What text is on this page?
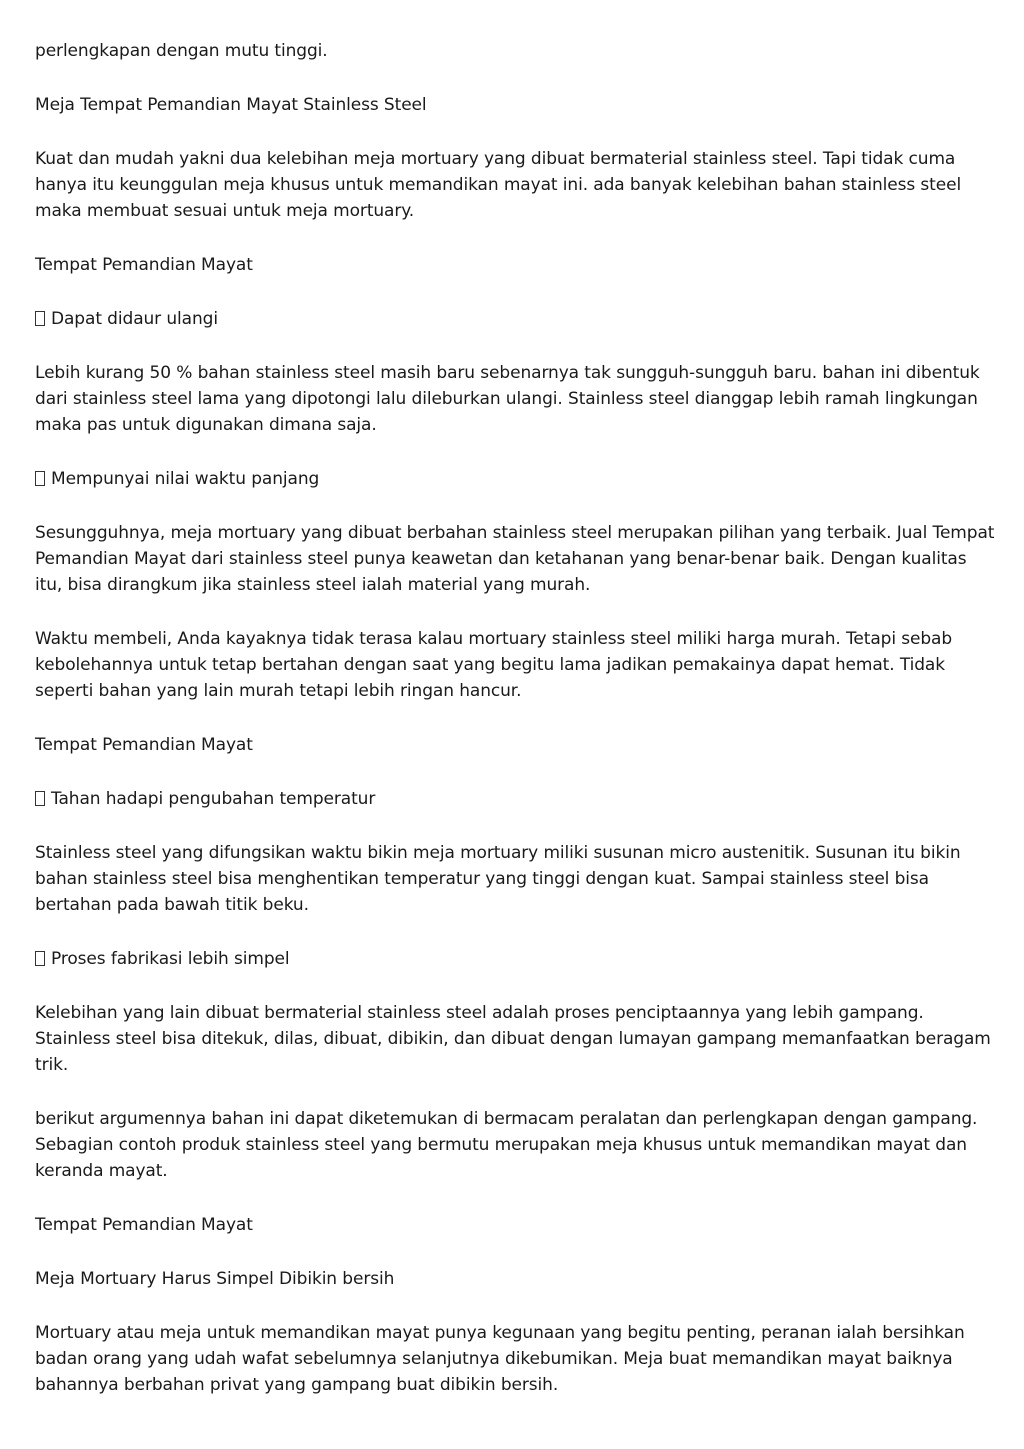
perlengkapan dengan mutu tinggi.

Meja Tempat Pemandian Mayat Stainless Steel

Kuat dan mudah yakni dua kelebihan meja mortuary yang dibuat bermaterial stainless steel. Tapi tidak cuma hanya itu keunggulan meja khusus untuk memandikan mayat ini. ada banyak kelebihan bahan stainless steel maka membuat sesuai untuk meja mortuary.

Tempat Pemandian Mayat

Dapat didaur ulangi

Lebih kurang 50 % bahan stainless steel masih baru sebenarnya tak sungguh-sungguh baru. bahan ini dibentuk dari stainless steel lama yang dipotongi lalu dileburkan ulangi. Stainless steel dianggap lebih ramah lingkungan maka pas untuk digunakan dimana saja.

Mempunyai nilai waktu panjang

Sesungguhnya, meja mortuary yang dibuat berbahan stainless steel merupakan pilihan yang terbaik. Jual Tempat Pemandian Mayat dari stainless steel punya keawetan dan ketahanan yang benar-benar baik. Dengan kualitas itu, bisa dirangkum jika stainless steel ialah material yang murah.

Waktu membeli, Anda kayaknya tidak terasa kalau mortuary stainless steel miliki harga murah. Tetapi sebab kebolehannya untuk tetap bertahan dengan saat yang begitu lama jadikan pemakainya dapat hemat. Tidak seperti bahan yang lain murah tetapi lebih ringan hancur.

Tempat Pemandian Mayat

Tahan hadapi pengubahan temperatur

Stainless steel yang difungsikan waktu bikin meja mortuary miliki susunan micro austenitik. Susunan itu bikin bahan stainless steel bisa menghentikan temperatur yang tinggi dengan kuat. Sampai stainless steel bisa bertahan pada bawah titik beku.

Proses fabrikasi lebih simpel

Kelebihan yang lain dibuat bermaterial stainless steel adalah proses penciptaannya yang lebih gampang. Stainless steel bisa ditekuk, dilas, dibuat, dibikin, dan dibuat dengan lumayan gampang memanfaatkan beragam trik.

berikut argumennya bahan ini dapat diketemukan di bermacam peralatan dan perlengkapan dengan gampang. Sebagian contoh produk stainless steel yang bermutu merupakan meja khusus untuk memandikan mayat dan keranda mayat.

Tempat Pemandian Mayat

Meja Mortuary Harus Simpel Dibikin bersih

Mortuary atau meja untuk memandikan mayat punya kegunaan yang begitu penting, peranan ialah bersihkan badan orang yang udah wafat sebelumnya selanjutnya dikebumikan. Meja buat memandikan mayat baiknya bahannya berbahan privat yang gampang buat dibikin bersih.
